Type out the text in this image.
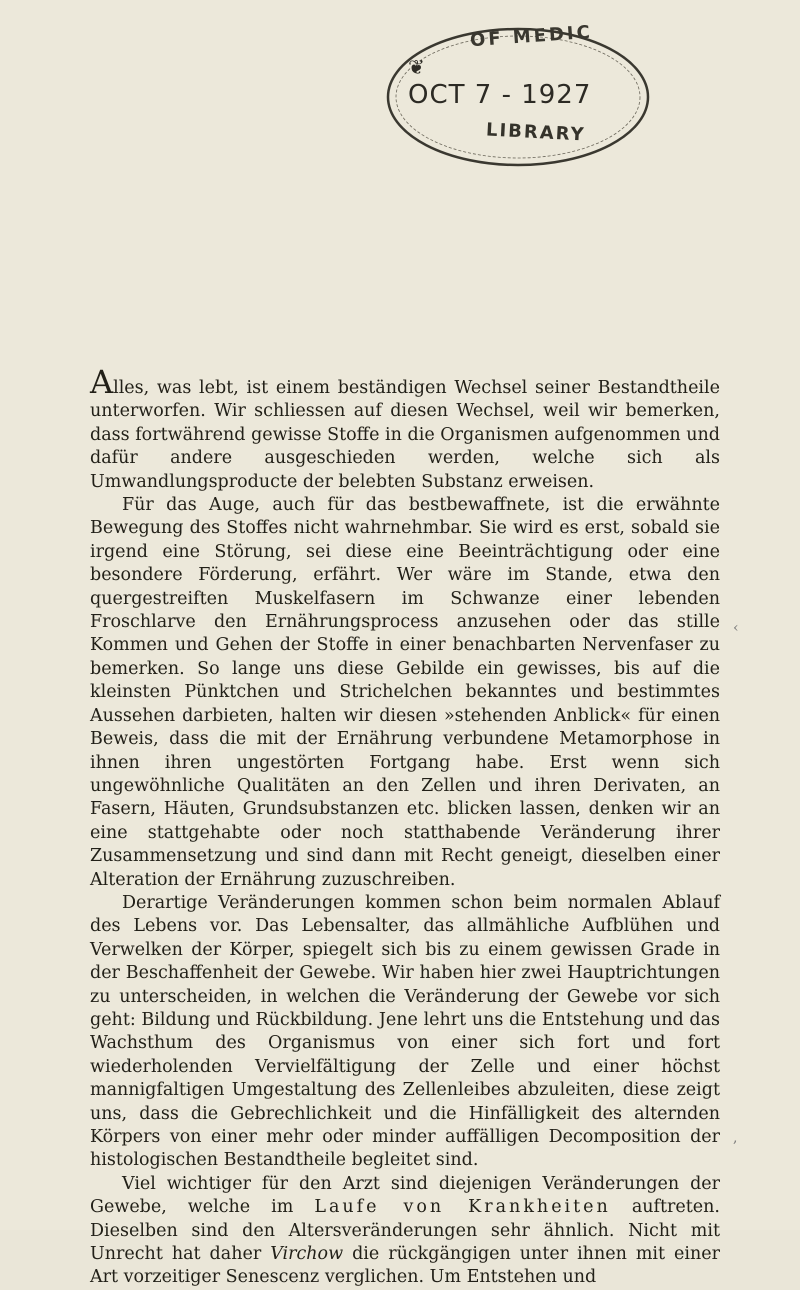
❦
OF MEDIC
OCT 7 - 1927
LIBRARY

Alles, was lebt, ist einem beständigen Wechsel seiner Bestandtheile unterworfen. Wir schliessen auf diesen Wechsel, weil wir bemerken, dass fortwährend gewisse Stoffe in die Organismen aufgenommen und dafür andere ausgeschieden werden, welche sich als Umwandlungsproducte der belebten Substanz erweisen.

Für das Auge, auch für das bestbewaffnete, ist die erwähnte Bewegung des Stoffes nicht wahrnehmbar. Sie wird es erst, sobald sie irgend eine Störung, sei diese eine Beeinträchtigung oder eine besondere Förderung, erfährt. Wer wäre im Stande, etwa den quergestreiften Muskelfasern im Schwanze einer lebenden Froschlarve den Ernährungsprocess anzusehen oder das stille Kommen und Gehen der Stoffe in einer benachbarten Nervenfaser zu bemerken. So lange uns diese Gebilde ein gewisses, bis auf die kleinsten Pünktchen und Strichelchen bekanntes und bestimmtes Aussehen darbieten, halten wir diesen »stehenden Anblick« für einen Beweis, dass die mit der Ernährung verbundene Metamorphose in ihnen ihren ungestörten Fortgang habe. Erst wenn sich ungewöhnliche Qualitäten an den Zellen und ihren Derivaten, an Fasern, Häuten, Grundsubstanzen etc. blicken lassen, denken wir an eine stattgehabte oder noch statthabende Veränderung ihrer Zusammensetzung und sind dann mit Recht geneigt, dieselben einer Alteration der Ernährung zuzuschreiben.

Derartige Veränderungen kommen schon beim normalen Ablauf des Lebens vor. Das Lebensalter, das allmähliche Aufblühen und Verwelken der Körper, spiegelt sich bis zu einem gewissen Grade in der Beschaffenheit der Gewebe. Wir haben hier zwei Hauptrichtungen zu unterscheiden, in welchen die Veränderung der Gewebe vor sich geht: Bildung und Rückbildung. Jene lehrt uns die Entstehung und das Wachsthum des Organismus von einer sich fort und fort wiederholenden Vervielfältigung der Zelle und einer höchst mannigfaltigen Umgestaltung des Zellenleibes abzuleiten, diese zeigt uns, dass die Gebrechlichkeit und die Hinfälligkeit des alternden Körpers von einer mehr oder minder auffälligen Decomposition der histologischen Bestandtheile begleitet sind.

Viel wichtiger für den Arzt sind diejenigen Veränderungen der Gewebe, welche im Laufe von Krankheiten auftreten. Dieselben sind den Altersveränderungen sehr ähnlich. Nicht mit Unrecht hat daher Virchow die rückgängigen unter ihnen mit einer Art vorzeitiger Senescenz verglichen. Um Entstehen und

‹
,
